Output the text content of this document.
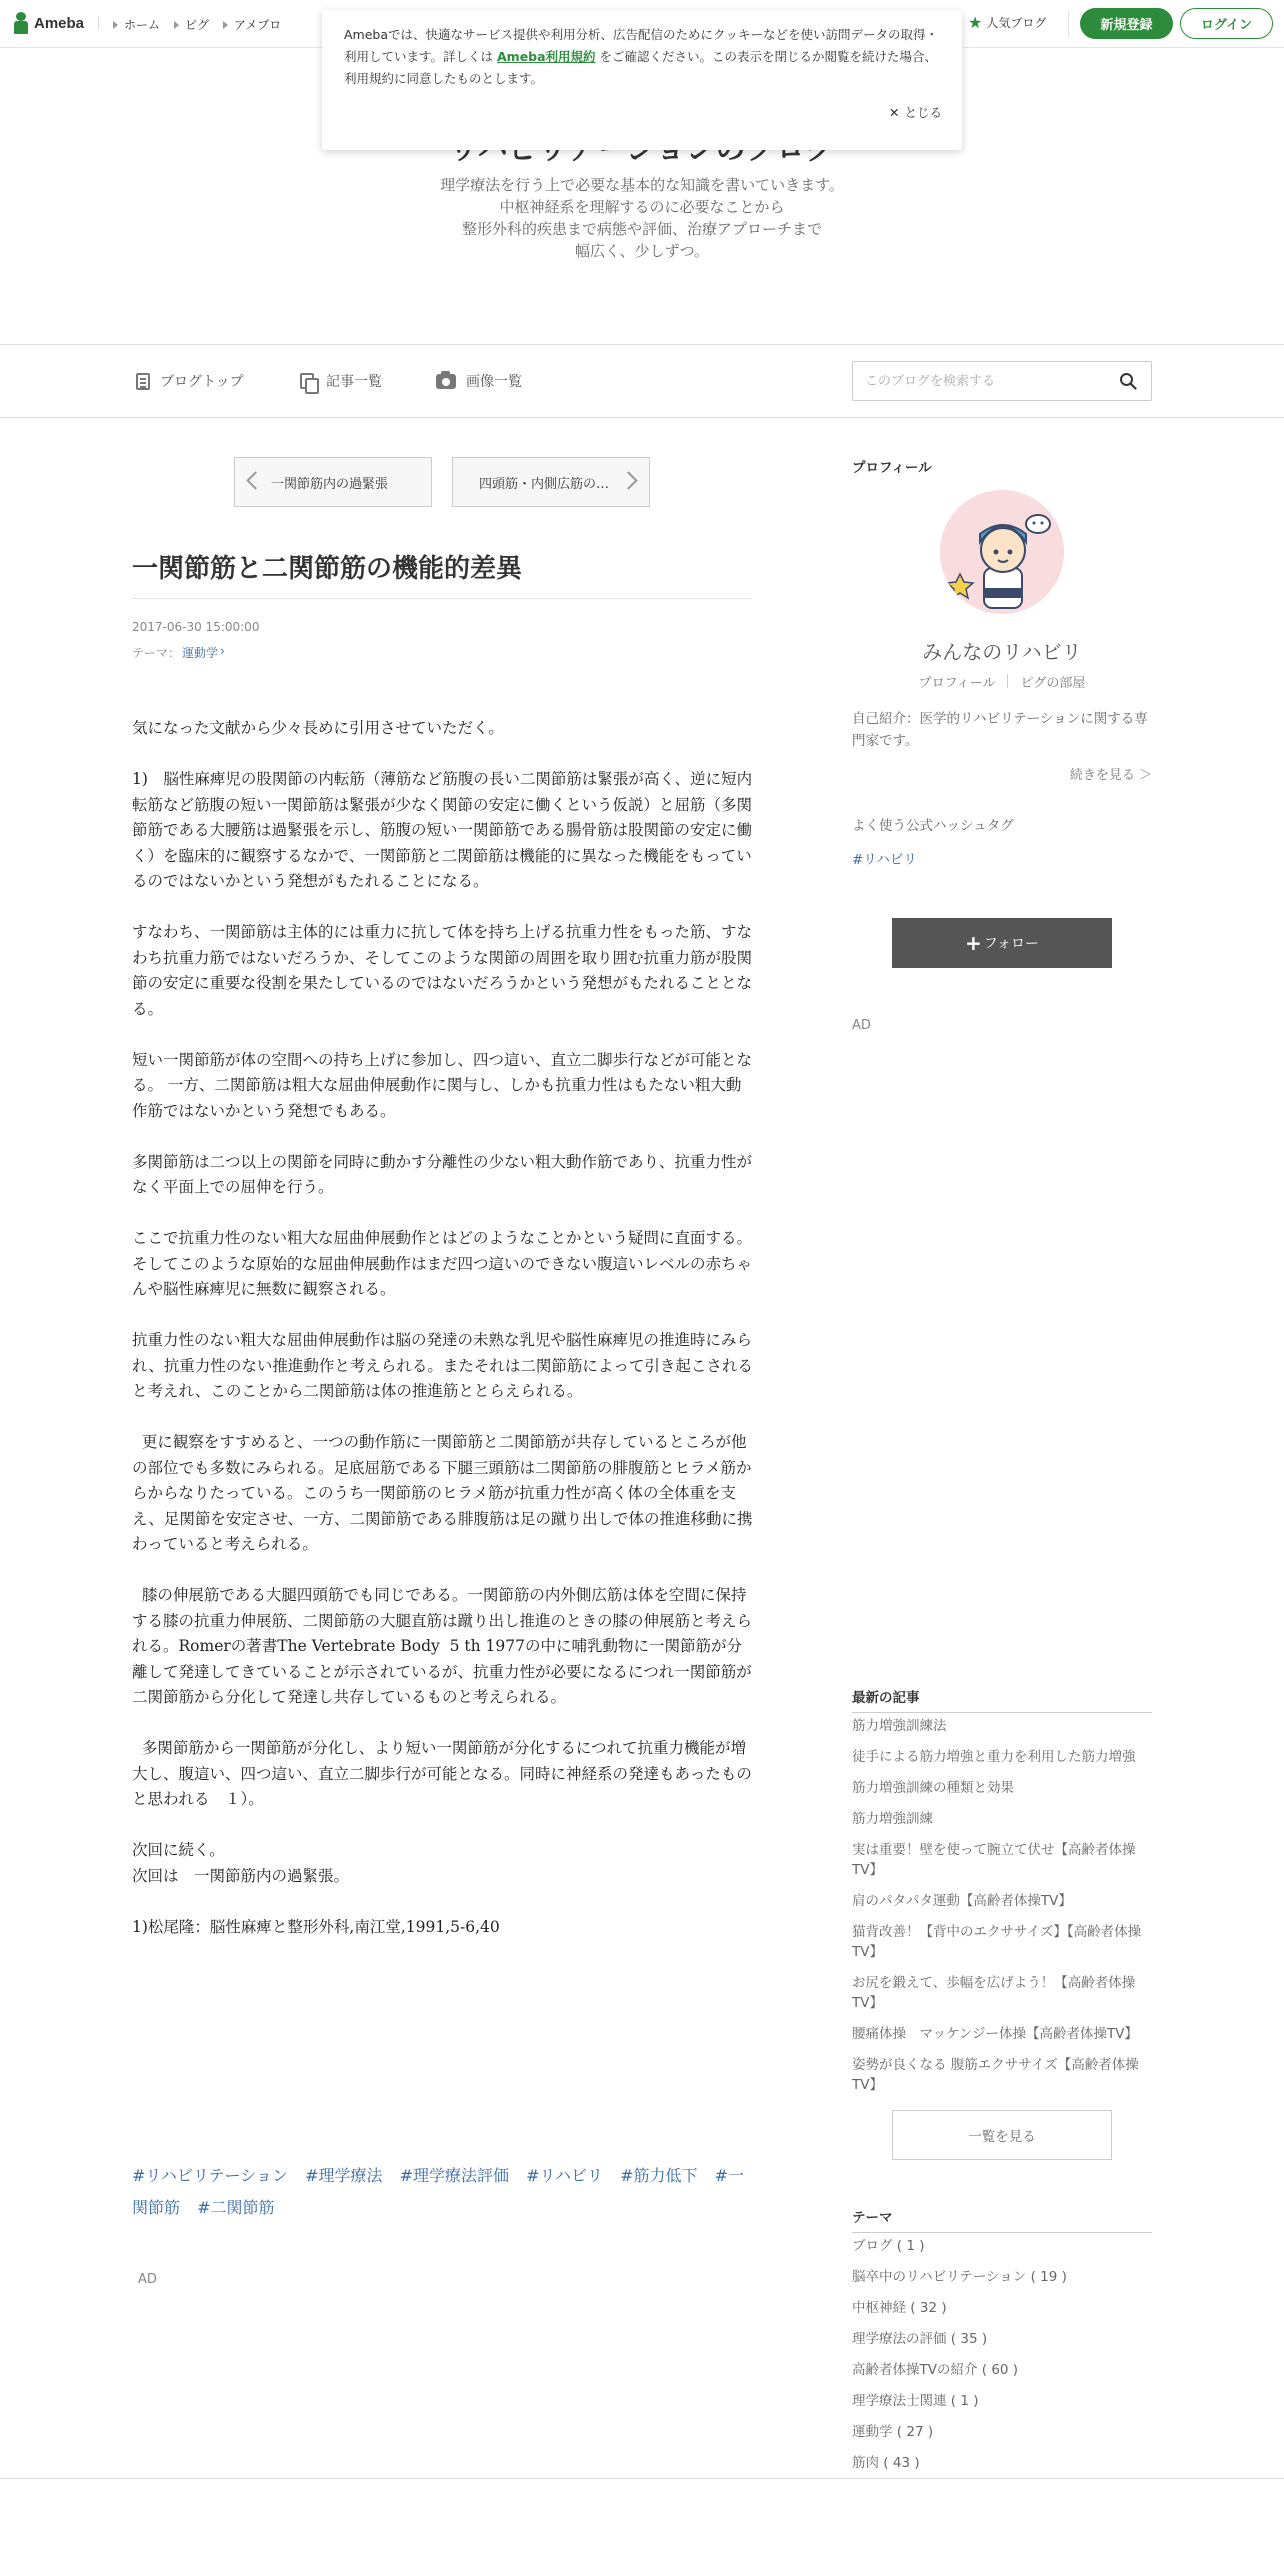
Ameba	ホーム ピグ アメブロ	★ 人気ブログ	新規登録	ログイン
理学療法を行う上で必要な基本的な知識を書いていきます。
中枢神経系を理解するのに必要なことから
整形外科的疾患まで病態や評価、治療アプローチまで
幅広く、少しずつ。
Amebaでは、快適なサービス提供や利用分析、広告配信のためにクッキーなどを使い訪問データの取得・利用しています。詳しくは Ameba利用規約 をご確認ください。この表示を閉じるか閲覧を続けた場合、利用規約に同意したものとします。
✕ とじる
ブログトップ	記事一覧	画像一覧
このブログを検索する
一関節筋内の過緊張	四頭筋・内側広筋の…
一関節筋と二関節筋の機能的差異
2017-06-30 15:00:00
テーマ： 運動学 ›

気になった文献から少々長めに引用させていただく。

1)　脳性麻痺児の股関節の内転筋（薄筋など筋腹の長い二関節筋は緊張が高く、逆に短内転筋など筋腹の短い一関節筋は緊張が少なく関節の安定に働くという仮説）と屈筋（多関節筋である大腰筋は過緊張を示し、筋腹の短い一関節筋である腸骨筋は股関節の安定に働く）を臨床的に観察するなかで、一関節筋と二関節筋は機能的に異なった機能をもっているのではないかという発想がもたれることになる。

すなわち、一関節筋は主体的には重力に抗して体を持ち上げる抗重力性をもった筋、すなわち抗重力筋ではないだろうか、そしてこのような関節の周囲を取り囲む抗重力筋が股関節の安定に重要な役割を果たしているのではないだろうかという発想がもたれることとなる。

短い一関節筋が体の空間への持ち上げに参加し、四つ這い、直立二脚歩行などが可能となる。 一方、二関節筋は粗大な屈曲伸展動作に関与し、しかも抗重力性はもたない粗大動作筋ではないかという発想でもある。

多関節筋は二つ以上の関節を同時に動かす分離性の少ない粗大動作筋であり、抗重力性がなく平面上での屈伸を行う。

ここで抗重力性のない粗大な屈曲伸展動作とはどのようなことかという疑問に直面する。そしてこのような原始的な屈曲伸展動作はまだ四つ這いのできない腹這いレベルの赤ちゃんや脳性麻痺児に無数に観察される。

抗重力性のない粗大な屈曲伸展動作は脳の発達の未熟な乳児や脳性麻痺児の推進時にみられ、抗重力性のない推進動作と考えられる。またそれは二関節筋によって引き起こされると考えれ、このことから二関節筋は体の推進筋ととらえられる。

更に観察をすすめると、一つの動作筋に一関節筋と二関節筋が共存しているところが他の部位でも多数にみられる。足底屈筋である下腿三頭筋は二関節筋の腓腹筋とヒラメ筋からからなりたっている。このうち一関節筋のヒラメ筋が抗重力性が高く体の全体重を支え、足関節を安定させ、一方、二関節筋である腓腹筋は足の蹴り出しで体の推進移動に携わっていると考えられる。

膝の伸展筋である大腿四頭筋でも同じである。一関節筋の内外側広筋は体を空間に保持する膝の抗重力伸展筋、二関節筋の大腿直筋は蹴り出し推進のときの膝の伸展筋と考えられる。Romerの著書The Vertebrate Body  5 th 1977の中に哺乳動物に一関節筋が分離して発達してきていることが示されているが、抗重力性が必要になるにつれ一関節筋が二関節筋から分化して発達し共存しているものと考えられる。

多関節筋から一関節筋が分化し、より短い一関節筋が分化するにつれて抗重力機能が増大し、腹這い、四つ這い、直立二脚歩行が可能となる。同時に神経系の発達もあったものと思われる　１）。

次回に続く。
次回は　一関節筋内の過緊張。

1)松尾隆：脳性麻痺と整形外科,南江堂,1991,5-6,40

#リハビリテーション #理学療法 #理学療法評価 #リハビリ #筋力低下 #一関節筋 #二関節筋
AD
プロフィール
みんなのリハビリ
プロフィール ピグの部屋
自己紹介：医学的リハビリテーションに関する専門家です。
続きを見る ＞
よく使う公式ハッシュタグ
#リハビリ
+ フォロー
AD
最新の記事
筋力増強訓練法
徒手による筋力増強と重力を利用した筋力増強
筋力増強訓練の種類と効果
筋力増強訓練
実は重要！壁を使って腕立て伏せ【高齢者体操TV】
肩のパタパタ運動【高齢者体操TV】
猫背改善！【背中のエクササイズ】【高齢者体操TV】
お尻を鍛えて、歩幅を広げよう！【高齢者体操TV】
腰痛体操　マッケンジー体操【高齢者体操TV】
姿勢が良くなる 腹筋エクササイズ【高齢者体操TV】
一覧を見る
テーマ
ブログ ( 1 )
脳卒中のリハビリテーション ( 19 )
中枢神経 ( 32 )
理学療法の評価 ( 35 )
高齢者体操TVの紹介 ( 60 )
理学療法士関連 ( 1 )
運動学 ( 27 )
筋肉 ( 43 )
